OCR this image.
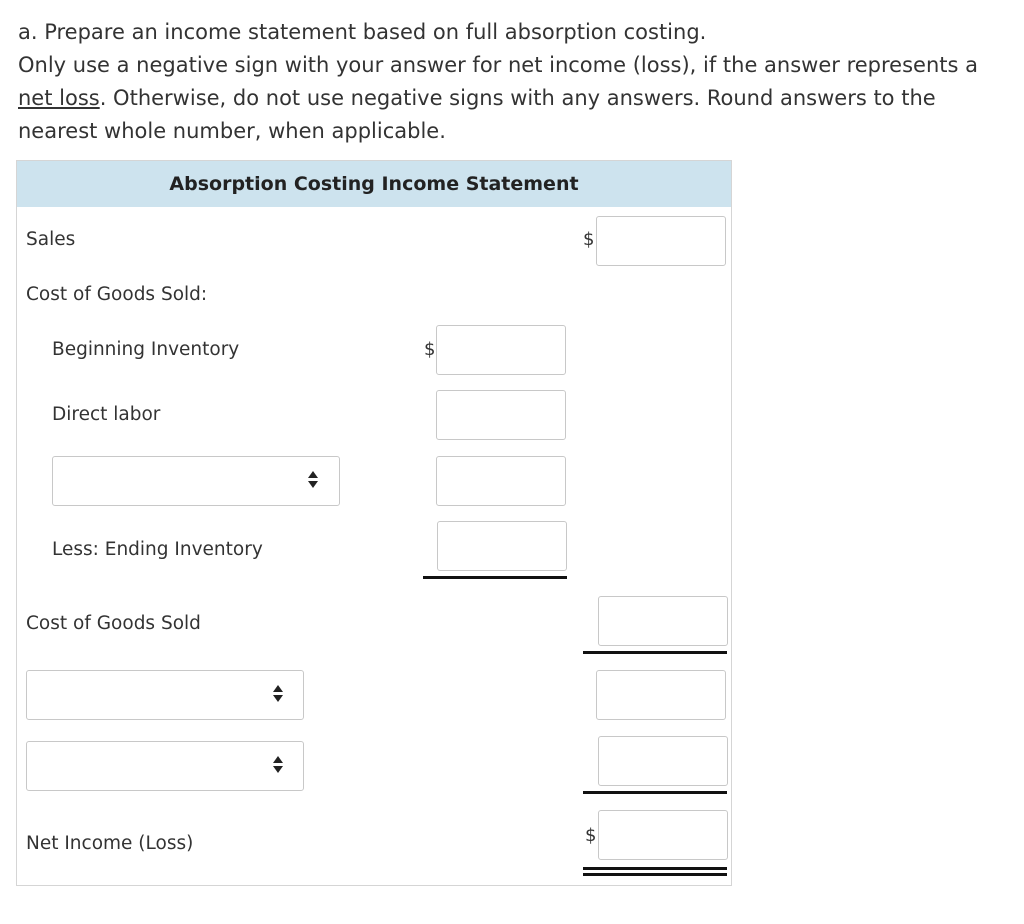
a. Prepare an income statement based on full absorption costing.

Only use a negative sign with your answer for net income (loss), if the answer represents a

net loss. Otherwise, do not use negative signs with any answers. Round answers to the

nearest whole number, when applicable.

Absorption Costing Income Statement
Sales	$
Cost of Goods Sold:
Beginning Inventory	$
Direct labor
Less: Ending Inventory
Cost of Goods Sold
Net Income (Loss)	$
